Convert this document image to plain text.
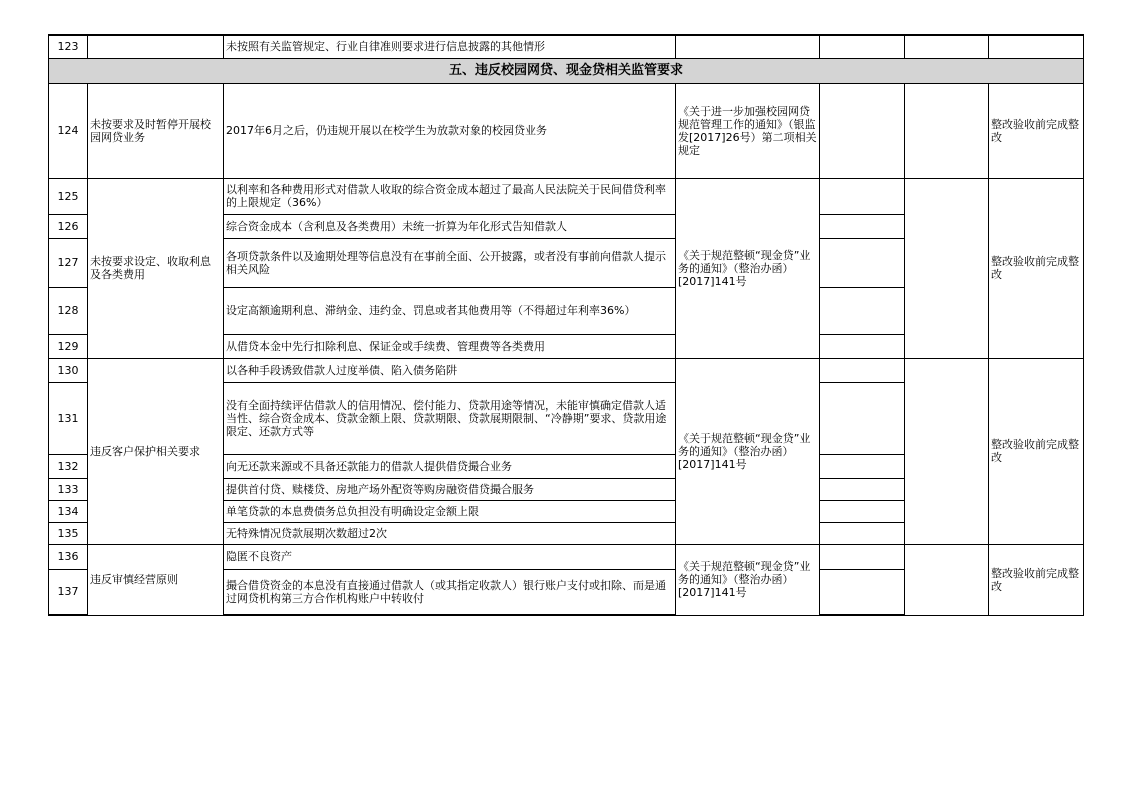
123		未按照有关监管规定、行业自律准则要求进行信息披露的其他情形				
五、违反校园网贷、现金贷相关监管要求						
124	未按要求及时暂停开展校园网贷业务	2017年6月之后，仍违规开展以在校学生为放款对象的校园贷业务	《关于进一步加强校园网贷规范管理工作的通知》（银监发[2017]26号）第二项相关规定			整改验收前完成整改
125	未按要求设定、收取利息及各类费用	以利率和各种费用形式对借款人收取的综合资金成本超过了最高人民法院关于民间借贷利率的上限规定（36%）	《关于规范整顿“现金贷”业务的通知》（整治办函）[2017]141号			整改验收前完成整改
126		综合资金成本（含利息及各类费用）未统一折算为年化形式告知借款人				
127		各项贷款条件以及逾期处理等信息没有在事前全面、公开披露，或者没有事前向借款人提示相关风险				
128		设定高额逾期利息、滞纳金、违约金、罚息或者其他费用等（不得超过年利率36%）				
129		从借贷本金中先行扣除利息、保证金或手续费、管理费等各类费用				
130	违反客户保护相关要求	以各种手段诱致借款人过度举债、陷入债务陷阱	《关于规范整顿“现金贷”业务的通知》（整治办函）[2017]141号			整改验收前完成整改
131		没有全面持续评估借款人的信用情况、偿付能力、贷款用途等情况，未能审慎确定借款人适当性、综合资金成本、贷款金额上限、贷款期限、贷款展期限制、“冷静期”要求、贷款用途限定、还款方式等				
132		向无还款来源或不具备还款能力的借款人提供借贷撮合业务				
133		提供首付贷、赎楼贷、房地产场外配资等购房融资借贷撮合服务				
134		单笔贷款的本息费债务总负担没有明确设定金额上限				
135		无特殊情况贷款展期次数超过2次				
136	违反审慎经营原则	隐匿不良资产	《关于规范整顿“现金贷”业务的通知》（整治办函）[2017]141号			整改验收前完成整改
137		撮合借贷资金的本息没有直接通过借款人（或其指定收款人）银行账户支付或扣除、而是通过网贷机构第三方合作机构账户中转收付				
